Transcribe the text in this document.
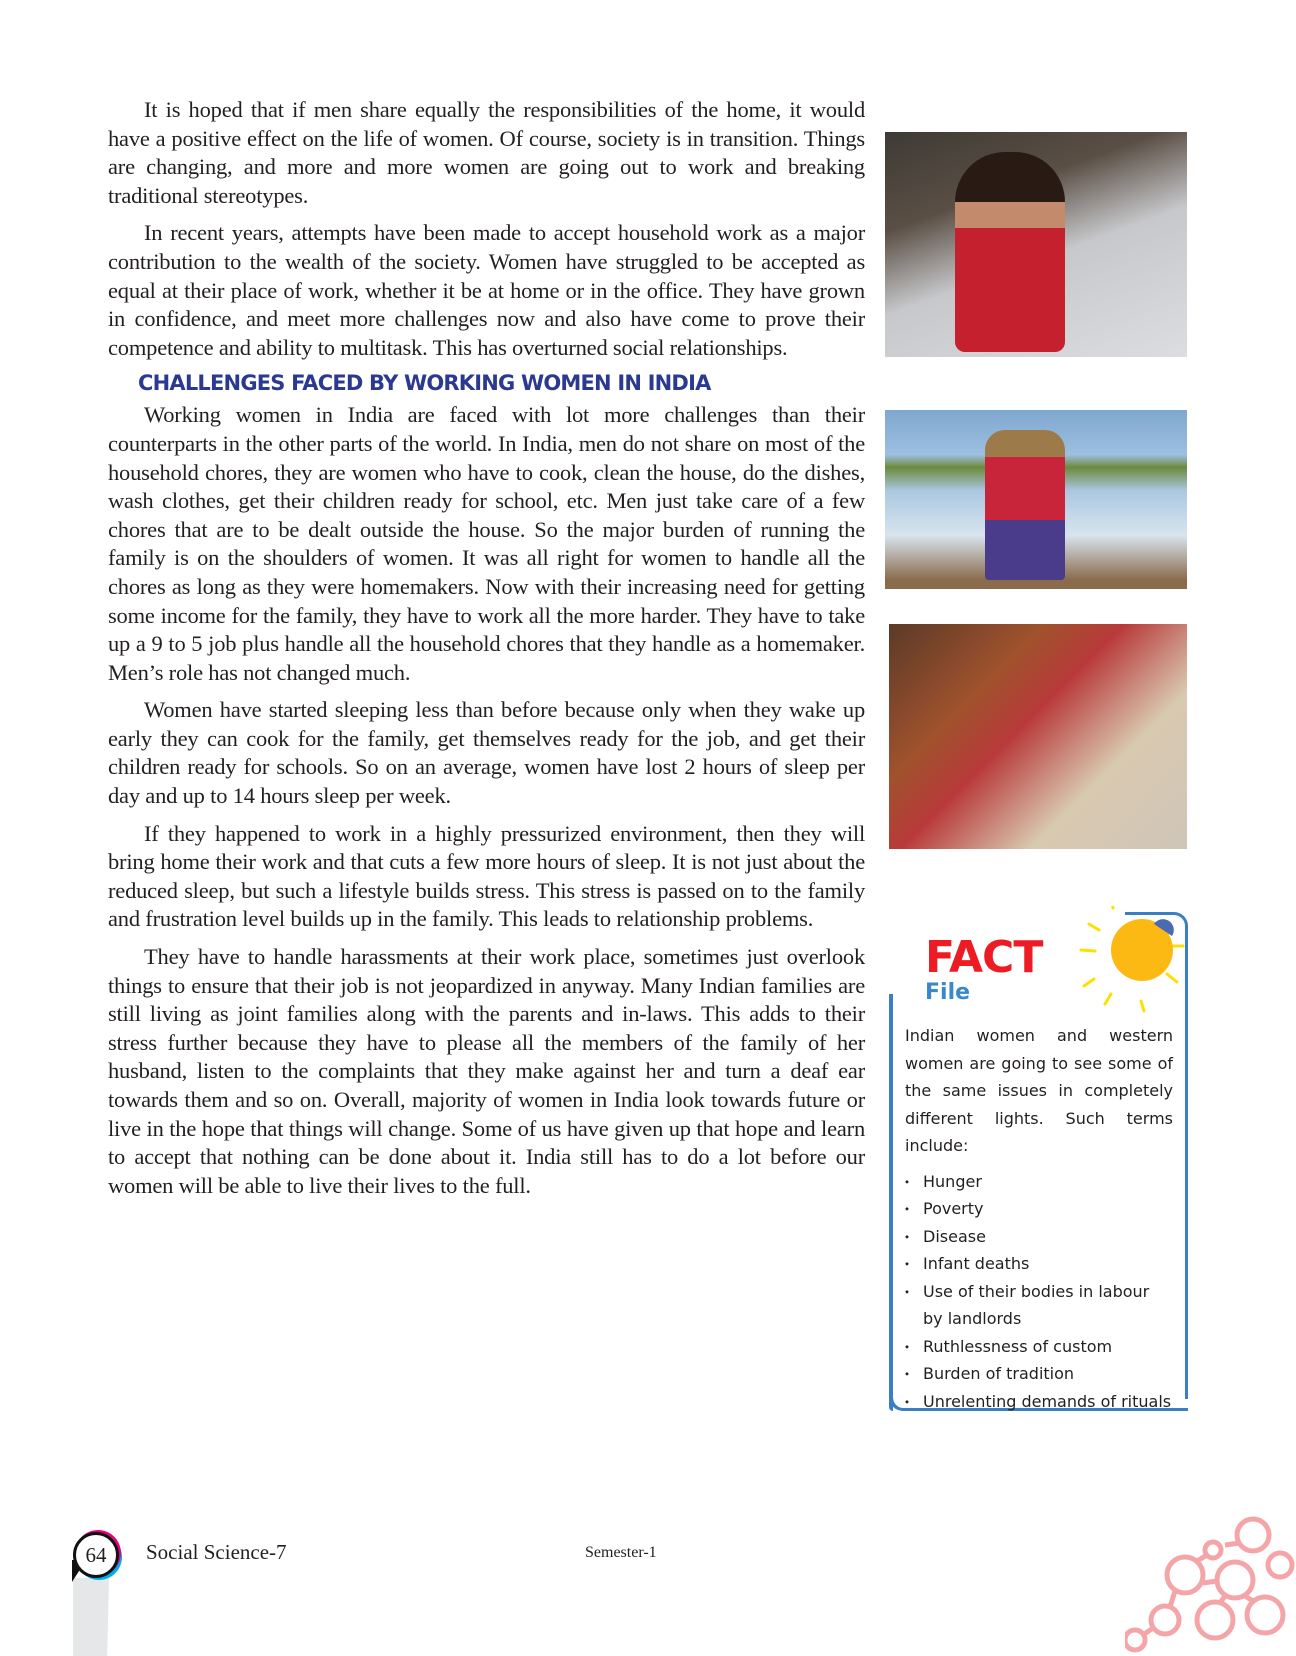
It is hoped that if men share equally the responsibilities of the home, it would have a positive effect on the life of women. Of course, society is in transition. Things are changing, and more and more women are going out to work and breaking traditional stereotypes.

In recent years, attempts have been made to accept household work as a major contribution to the wealth of the society. Women have struggled to be accepted as equal at their place of work, whether it be at home or in the office. They have grown in confidence, and meet more challenges now and also have come to prove their competence and ability to multitask. This has overturned social relationships.

CHALLENGES FACED BY WORKING WOMEN IN INDIA

Working women in India are faced with lot more challenges than their counterparts in the other parts of the world. In India, men do not share on most of the household chores, they are women who have to cook, clean the house, do the dishes, wash clothes, get their children ready for school, etc. Men just take care of a few chores that are to be dealt outside the house. So the major burden of running the family is on the shoulders of women. It was all right for women to handle all the chores as long as they were homemakers. Now with their increasing need for getting some income for the family, they have to work all the more harder. They have to take up a 9 to 5 job plus handle all the household chores that they handle as a homemaker. Men’s role has not changed much.

Women have started sleeping less than before because only when they wake up early they can cook for the family, get themselves ready for the job, and get their children ready for schools. So on an average, women have lost 2 hours of sleep per day and up to 14 hours sleep per week.

If they happened to work in a highly pressurized environment, then they will bring home their work and that cuts a few more hours of sleep. It is not just about the reduced sleep, but such a lifestyle builds stress. This stress is passed on to the family and frustration level builds up in the family. This leads to relationship problems.

They have to handle harassments at their work place, sometimes just overlook things to ensure that their job is not jeopardized in anyway. Many Indian families are still living as joint families along with the parents and in-laws. This adds to their stress further because they have to please all the members of the family of her husband, listen to the complaints that they make against her and turn a deaf ear towards them and so on. Overall, majority of women in India look towards future or live in the hope that things will change. Some of us have given up that hope and learn to accept that nothing can be done about it. India still has to do a lot before our women will be able to live their lives to the full.

FACT
File
Indian women and western women are going to see some of the same issues in completely different lights. Such terms include:
⬩ Hunger
⬩ Poverty
⬩ Disease
⬩ Infant deaths
⬩ Use of their bodies in labour by landlords
⬩ Ruthlessness of custom
⬩ Burden of tradition
⬩ Unrelenting demands of rituals
64	Social Science-7	Semester-1
